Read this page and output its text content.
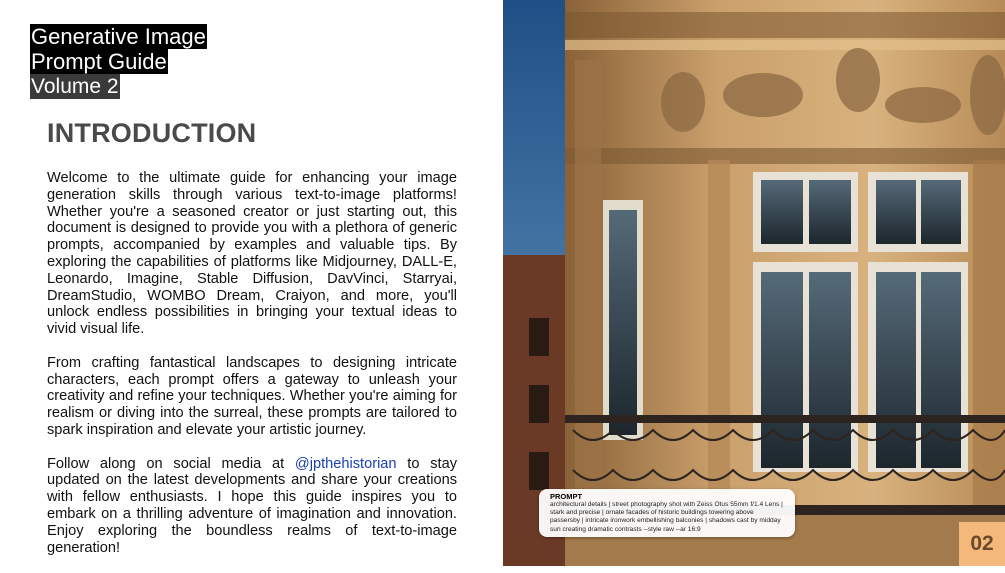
Generative Image
Prompt Guide
Volume 2
INTRODUCTION

Welcome to the ultimate guide for enhancing your image generation skills through various text-to-image platforms! Whether you're a seasoned creator or just starting out, this document is designed to provide you with a plethora of generic prompts, accompanied by examples and valuable tips. By exploring the capabilities of platforms like Midjourney, DALL-E, Leonardo, Imagine, Stable Diffusion, DavVinci, Starryai, DreamStudio, WOMBO Dream, Craiyon, and more, you'll unlock endless possibilities in bringing your textual ideas to vivid visual life.

From crafting fantastical landscapes to designing intricate characters, each prompt offers a gateway to unleash your creativity and refine your techniques. Whether you're aiming for realism or diving into the surreal, these prompts are tailored to spark inspiration and elevate your artistic journey.

Follow along on social media at @jpthehistorian to stay updated on the latest developments and share your creations with fellow enthusiasts. I hope this guide inspires you to embark on a thrilling adventure of imagination and innovation. Enjoy exploring the boundless realms of text-to-image generation!

PROMPT
architectural details | street photography shot with Zeiss Otus 55mm f/1.4 Lens | stark and precise | ornate facades of historic buildings towering above passersby | intricate ironwork embellishing balconies | shadows cast by midday sun creating dramatic contrasts --style raw --ar 16:9
02
